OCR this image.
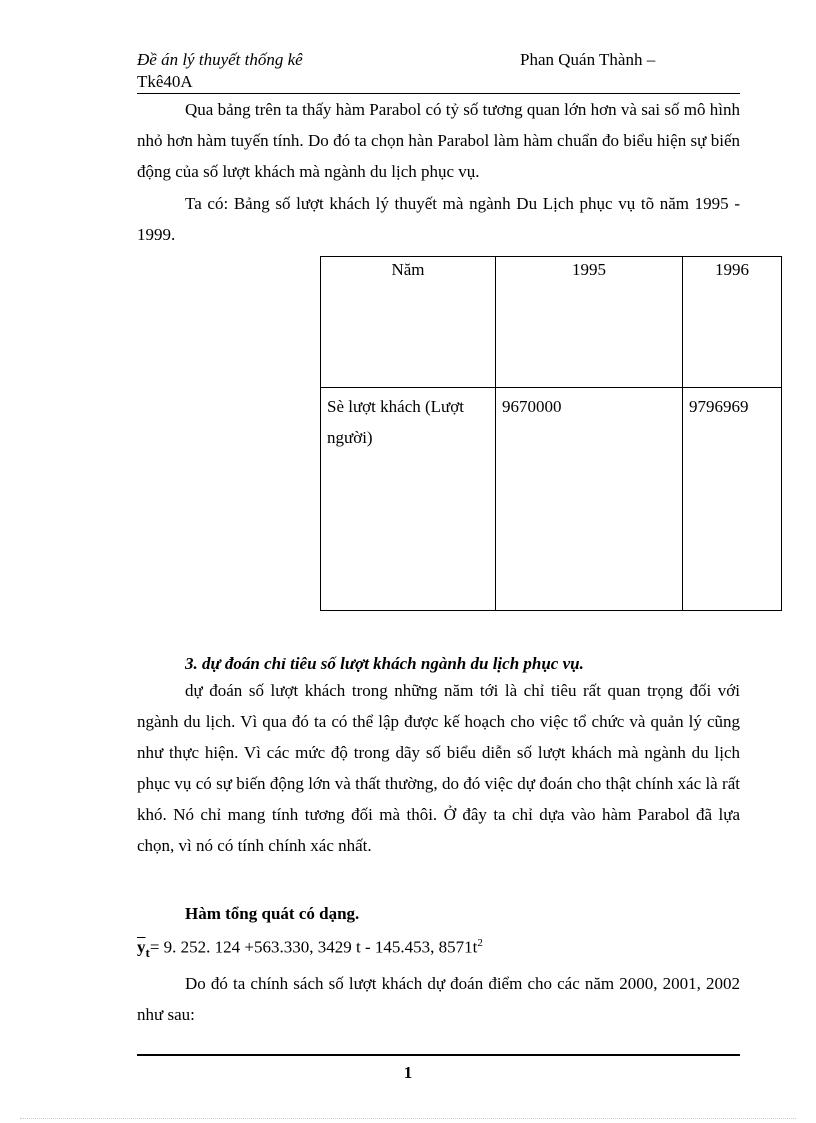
Đề án lý thuyết thống kê
Tkê40A
Phan Quán Thành –

Qua bảng trên ta thấy hàm Parabol có tỷ số tương quan lớn hơn và sai số mô hình nhỏ hơn hàm tuyến tính. Do đó ta chọn hàn Parabol làm hàm chuẩn đo biểu hiện sự biến động của số lượt khách mà ngành du lịch phục vụ.

Ta có: Bảng số lượt khách lý thuyết mà ngành Du Lịch phục vụ tõ năm 1995 - 1999.

Năm	1995	1996
Sè lượt khách (Lượt người)	9670000	9796969
3. dự đoán chỉ tiêu số lượt khách ngành du lịch phục vụ.

dự đoán số lượt khách trong những năm tới là chỉ tiêu rất quan trọng đối với ngành du lịch. Vì qua đó ta có thể lập được kế hoạch cho việc tổ chức và quản lý cũng như thực hiện. Vì các mức độ trong dãy số biểu diễn số lượt khách mà ngành du lịch phục vụ có sự biến động lớn và thất thường, do đó việc dự đoán cho thật chính xác là rất khó. Nó chỉ mang tính tương đối mà thôi. Ở đây ta chỉ dựa vào hàm Parabol đã lựa chọn, vì nó có tính chính xác nhất.

Hàm tổng quát có dạng.
$\overline{y}_t= 9$. 252. 124 +563.330, 3429 t - 145.453, $8571t^2$

Do đó ta chính sách số lượt khách dự đoán điểm cho các năm 2000, 2001, 2002 như sau:

1
